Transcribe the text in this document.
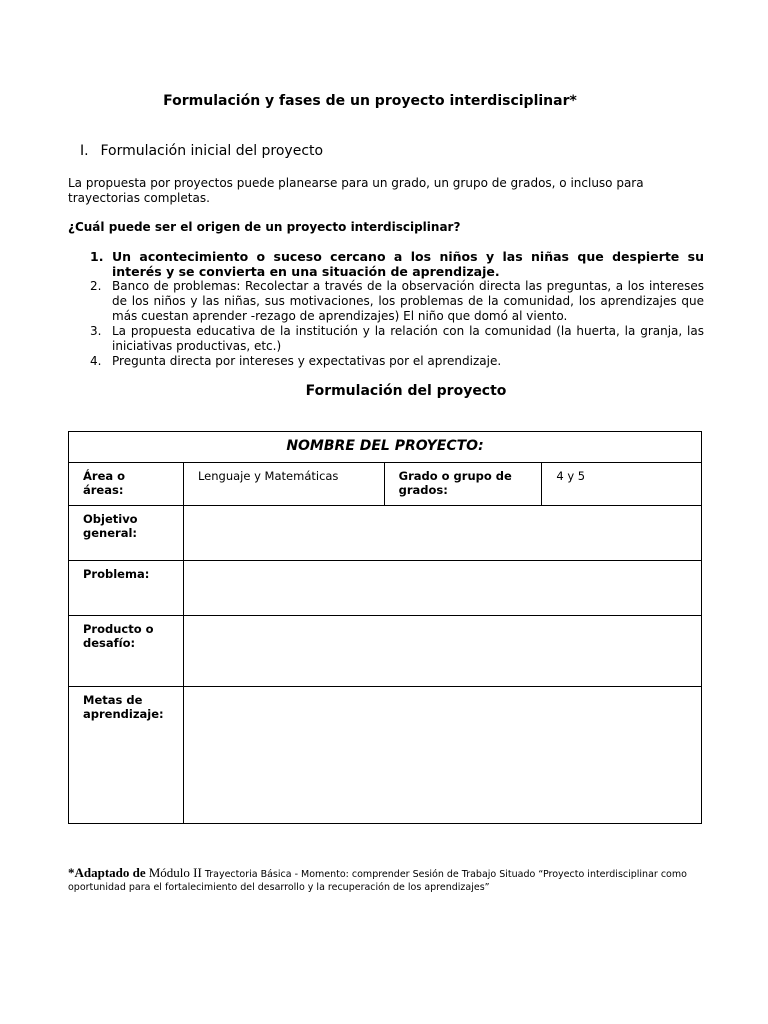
Formulación y fases de un proyecto interdisciplinar*
I. Formulación inicial del proyecto
La propuesta por proyectos puede planearse para un grado, un grupo de grados, o incluso para trayectorias completas.
¿Cuál puede ser el origen de un proyecto interdisciplinar?
1. Un acontecimiento o suceso cercano a los niños y las niñas que despierte su interés y se convierta en una situación de aprendizaje.
2. Banco de problemas: Recolectar a través de la observación directa las preguntas, a los intereses de los niños y las niñas, sus motivaciones, los problemas de la comunidad, los aprendizajes que más cuestan aprender -rezago de aprendizajes) El niño que domó al viento.
3. La propuesta educativa de la institución y la relación con la comunidad (la huerta, la granja, las iniciativas productivas, etc.)
4. Pregunta directa por intereses y expectativas por el aprendizaje.
Formulación del proyecto
NOMBRE DEL PROYECTO:			
Área o áreas:	Lenguaje y Matemáticas	Grado o grupo de grados:	4 y 5
Objetivo general:			
Problema:			
Producto o desafío:			
Metas de aprendizaje:			
*Adaptado de Módulo II Trayectoria Básica - Momento: comprender Sesión de Trabajo Situado “Proyecto interdisciplinar como oportunidad para el fortalecimiento del desarrollo y la recuperación de los aprendizajes”
